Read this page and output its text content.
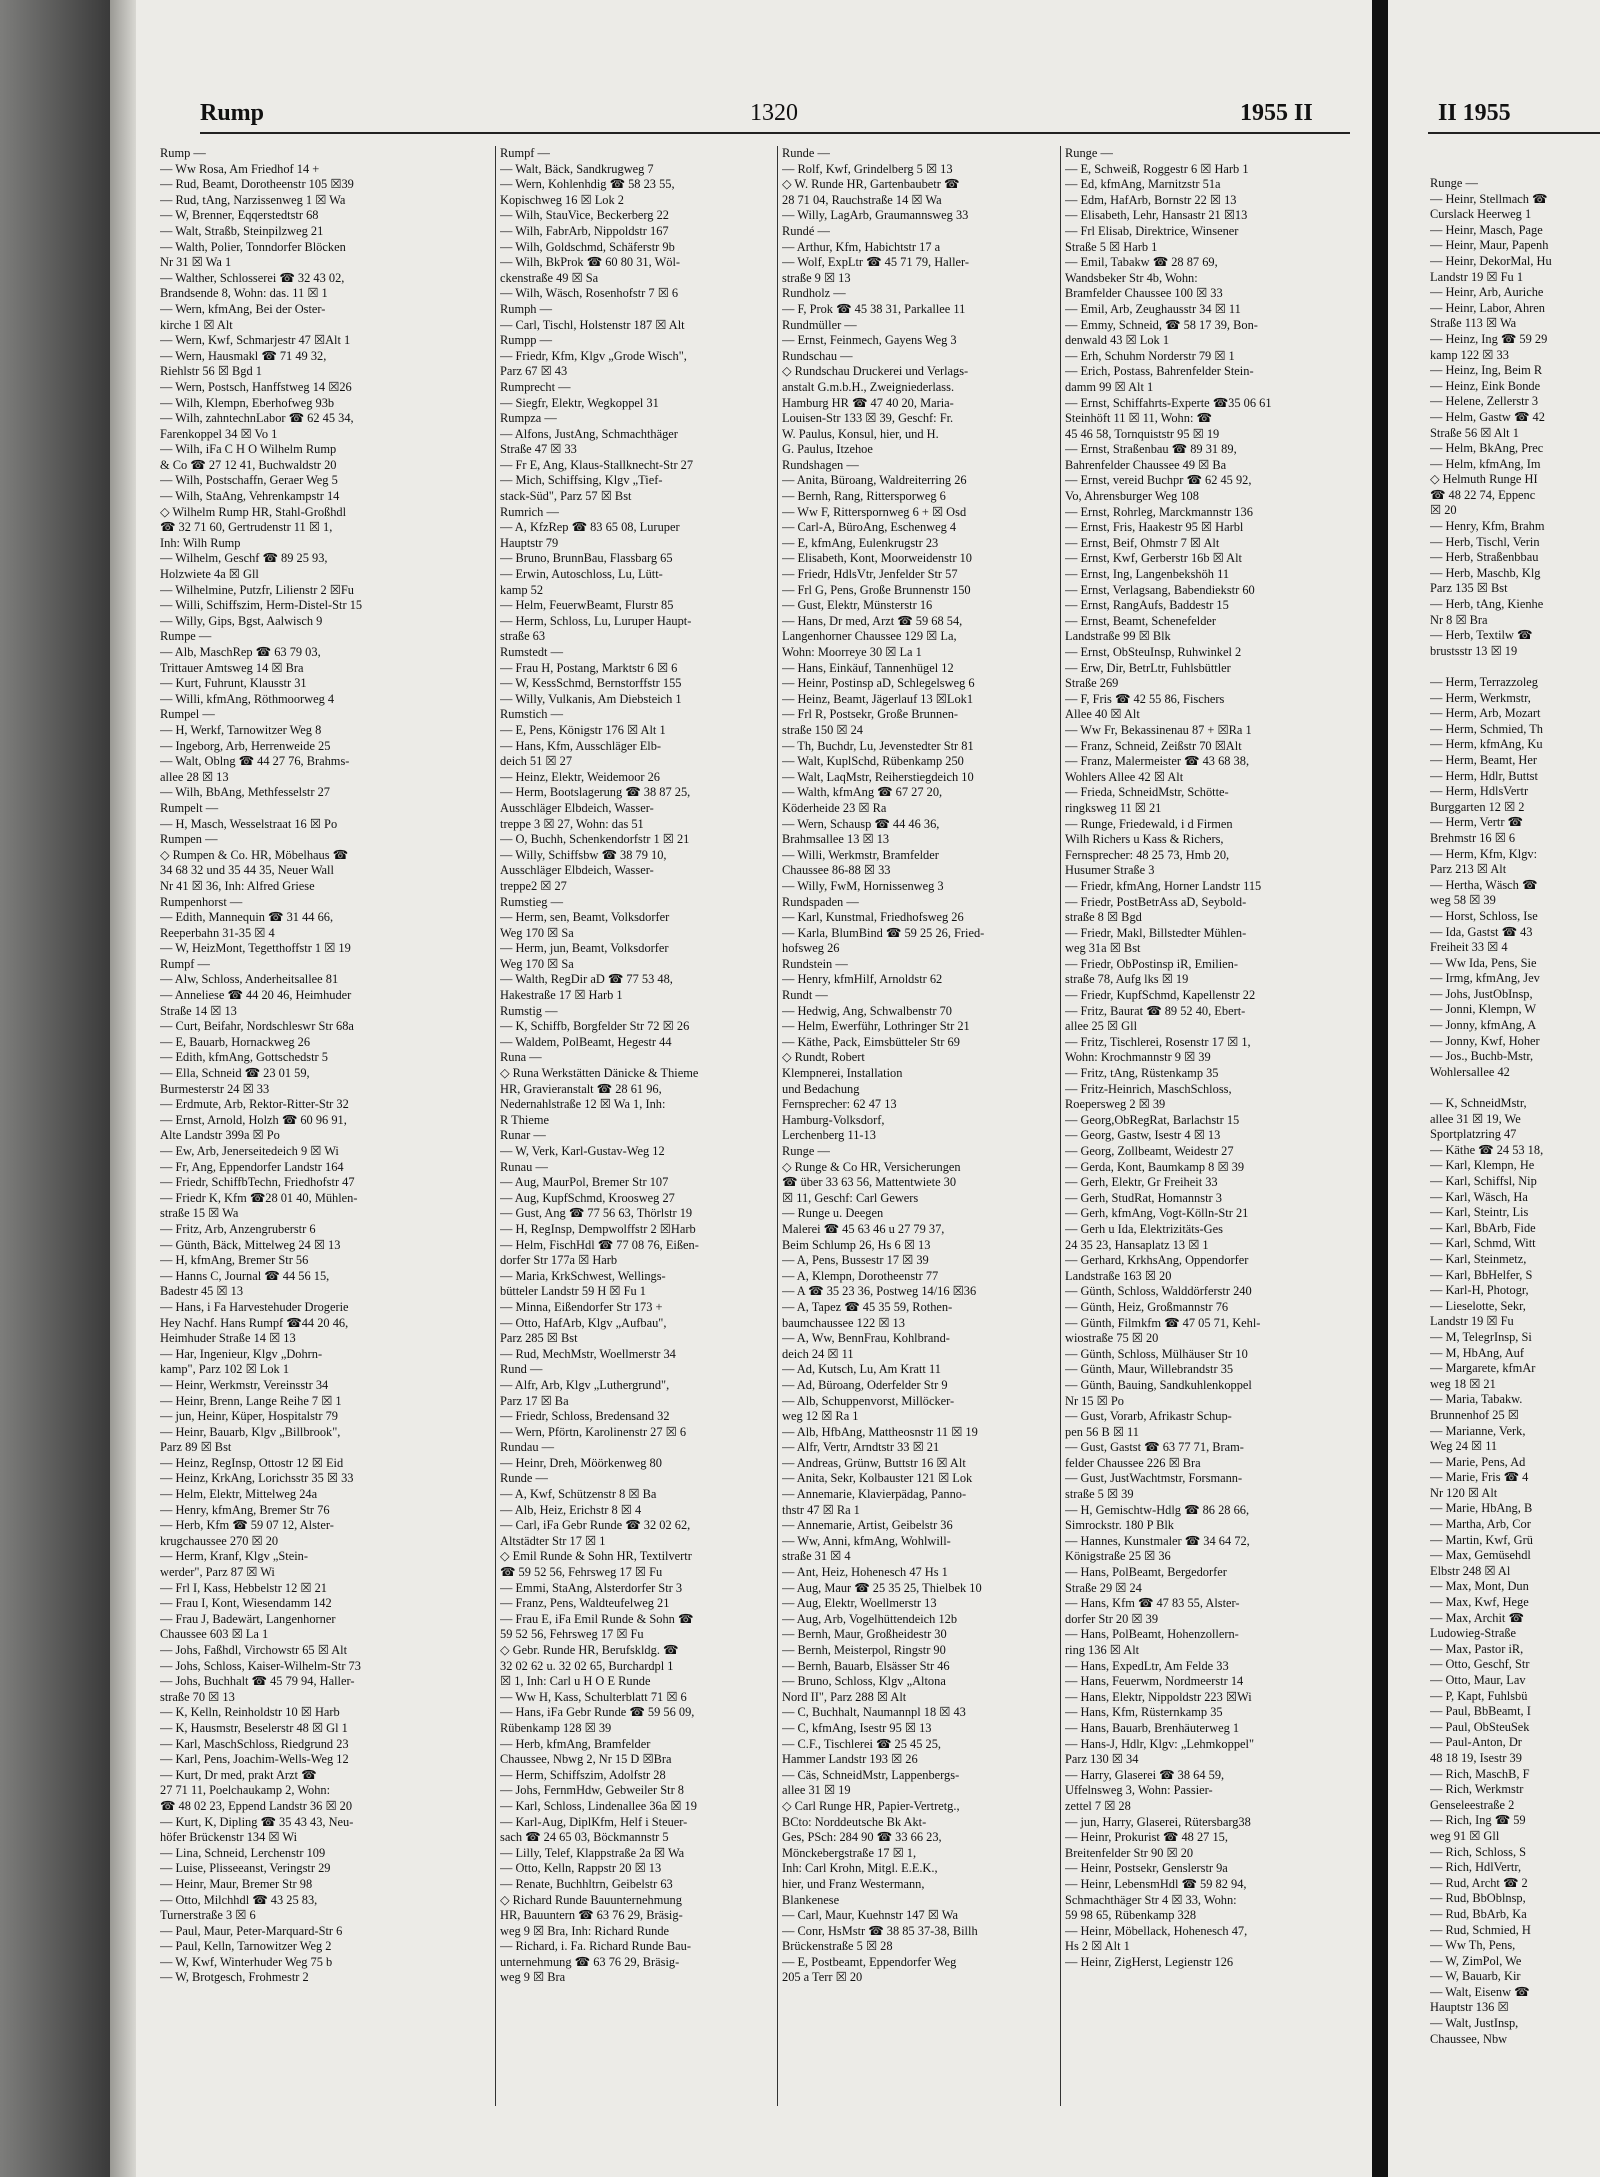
Rump	1320	1955 II
Rump —
— Ww Rosa, Am Friedhof 14 +
— Rud, Beamt, Dorotheenstr 105 ☒39
— Rud, tAng, Narzissenweg 1 ☒ Wa
— W, Brenner, Eqqerstedtstr 68
— Walt, Straßb, Steinpilzweg 21
— Walth, Polier, Tonndorfer Blöcken
Nr 31 ☒ Wa 1
— Walther, Schlosserei ☎ 32 43 02,
Brandsende 8, Wohn: das. 11 ☒ 1
— Wern, kfmAng, Bei der Oster-
kirche 1 ☒ Alt
— Wern, Kwf, Schmarjestr 47 ☒Alt 1
— Wern, Hausmakl ☎ 71 49 32,
Riehlstr 56 ☒ Bgd 1
— Wern, Postsch, Hanffstweg 14 ☒26
— Wilh, Klempn, Eberhofweg 93b
— Wilh, zahntechnLabor ☎ 62 45 34,
Farenkoppel 34 ☒ Vo 1
— Wilh, iFa C H O Wilhelm Rump
& Co ☎ 27 12 41, Buchwaldstr 20
— Wilh, Postschaffn, Geraer Weg 5
— Wilh, StaAng, Vehrenkampstr 14
◇ Wilhelm Rump HR, Stahl-Großhdl
☎ 32 71 60, Gertrudenstr 11 ☒ 1,
Inh: Wilh Rump
— Wilhelm, Geschf ☎ 89 25 93,
Holzwiete 4a ☒ Gll
— Wilhelmine, Putzfr, Lilienstr 2 ☒Fu
— Willi, Schiffszim, Herm-Distel-Str 15
— Willy, Gips, Bgst, Aalwisch 9
Rumpe —
— Alb, MaschRep ☎ 63 79 03,
Trittauer Amtsweg 14 ☒ Bra
— Kurt, Fuhrunt, Klausstr 31
— Willi, kfmAng, Röthmoorweg 4
Rumpel —
— H, Werkf, Tarnowitzer Weg 8
— Ingeborg, Arb, Herrenweide 25
— Walt, Oblng ☎ 44 27 76, Brahms-
allee 28 ☒ 13
— Wilh, BbAng, Methfesselstr 27
Rumpelt —
— H, Masch, Wesselstraat 16 ☒ Po
Rumpen —
◇ Rumpen & Co. HR, Möbelhaus ☎
34 68 32 und 35 44 35, Neuer Wall
Nr 41 ☒ 36, Inh: Alfred Griese
Rumpenhorst —
— Edith, Mannequin ☎ 31 44 66,
Reeperbahn 31-35 ☒ 4
— W, HeizMont, Tegetthoffstr 1 ☒ 19
Rumpf —
— Alw, Schloss, Anderheitsallee 81
— Anneliese ☎ 44 20 46, Heimhuder
Straße 14 ☒ 13
— Curt, Beifahr, Nordschleswr Str 68a
— E, Bauarb, Hornackweg 26
— Edith, kfmAng, Gottschedstr 5
— Ella, Schneid ☎ 23 01 59,
Burmesterstr 24 ☒ 33
— Erdmute, Arb, Rektor-Ritter-Str 32
— Ernst, Arnold, Holzh ☎ 60 96 91,
Alte Landstr 399a ☒ Po
— Ew, Arb, Jenerseitedeich 9 ☒ Wi
— Fr, Ang, Eppendorfer Landstr 164
— Friedr, SchiffbTechn, Friedhofstr 47
— Friedr K, Kfm ☎28 01 40, Mühlen-
straße 15 ☒ Wa
— Fritz, Arb, Anzengruberstr 6
— Günth, Bäck, Mittelweg 24 ☒ 13
— H, kfmAng, Bremer Str 56
— Hanns C, Journal ☎ 44 56 15,
Badestr 45 ☒ 13
— Hans, i Fa Harvestehuder Drogerie
Hey Nachf. Hans Rumpf ☎44 20 46,
Heimhuder Straße 14 ☒ 13
— Har, Ingenieur, Klgv „Dohrn-
kamp", Parz 102 ☒ Lok 1
— Heinr, Werkmstr, Vereinsstr 34
— Heinr, Brenn, Lange Reihe 7 ☒ 1
— jun, Heinr, Küper, Hospitalstr 79
— Heinr, Bauarb, Klgv „Billbrook",
Parz 89 ☒ Bst
— Heinz, RegInsp, Ottostr 12 ☒ Eid
— Heinz, KrkAng, Lorichsstr 35 ☒ 33
— Helm, Elektr, Mittelweg 24a
— Henry, kfmAng, Bremer Str 76
— Herb, Kfm ☎ 59 07 12, Alster-
krugchaussee 270 ☒ 20
— Herm, Kranf, Klgv „Stein-
werder", Parz 87 ☒ Wi
— Frl I, Kass, Hebbelstr 12 ☒ 21
— Frau I, Kont, Wiesendamm 142
— Frau J, Badewärt, Langenhorner
Chaussee 603 ☒ La 1
— Johs, Faßhdl, Virchowstr 65 ☒ Alt
— Johs, Schloss, Kaiser-Wilhelm-Str 73
— Johs, Buchhalt ☎ 45 79 94, Haller-
straße 70 ☒ 13
— K, Kelln, Reinholdstr 10 ☒ Harb
— K, Hausmstr, Beselerstr 48 ☒ Gl 1
— Karl, MaschSchloss, Riedgrund 23
— Karl, Pens, Joachim-Wells-Weg 12
— Kurt, Dr med, prakt Arzt ☎
27 71 11, Poelchaukamp 2, Wohn:
☎ 48 02 23, Eppend Landstr 36 ☒ 20
— Kurt, K, Dipling ☎ 35 43 43, Neu-
höfer Brückenstr 134 ☒ Wi
— Lina, Schneid, Lerchenstr 109
— Luise, Plisseeanst, Veringstr 29
— Heinr, Maur, Bremer Str 98
— Otto, Milchhdl ☎ 43 25 83,
Turnerstraße 3 ☒ 6
— Paul, Maur, Peter-Marquard-Str 6
— Paul, Kelln, Tarnowitzer Weg 2
— W, Kwf, Winterhuder Weg 75 b
— W, Brotgesch, Frohmestr 2
Rumpf —
— Walt, Bäck, Sandkrugweg 7
— Wern, Kohlenhdig ☎ 58 23 55,
Kopischweg 16 ☒ Lok 2
— Wilh, StauVice, Beckerberg 22
— Wilh, FabrArb, Nippoldstr 167
— Wilh, Goldschmd, Schäferstr 9b
— Wilh, BkProk ☎ 60 80 31, Wöl-
ckenstraße 49 ☒ Sa
— Wilh, Wäsch, Rosenhofstr 7 ☒ 6
Rumph —
— Carl, Tischl, Holstenstr 187 ☒ Alt
Rumpp —
— Friedr, Kfm, Klgv „Grode Wisch",
Parz 67 ☒ 43
Rumprecht —
— Siegfr, Elektr, Wegkoppel 31
Rumpza —
— Alfons, JustAng, Schmachthäger
Straße 47 ☒ 33
— Fr E, Ang, Klaus-Stallknecht-Str 27
— Mich, Schiffsing, Klgv „Tief-
stack-Süd", Parz 57 ☒ Bst
Rumrich —
— A, KfzRep ☎ 83 65 08, Luruper
Hauptstr 79
— Bruno, BrunnBau, Flassbarg 65
— Erwin, Autoschloss, Lu, Lütt-
kamp 52
— Helm, FeuerwBeamt, Flurstr 85
— Herm, Schloss, Lu, Luruper Haupt-
straße 63
Rumstedt —
— Frau H, Postang, Marktstr 6 ☒ 6
— W, KessSchmd, Bernstorffstr 155
— Willy, Vulkanis, Am Diebsteich 1
Rumstich —
— E, Pens, Königstr 176 ☒ Alt 1
— Hans, Kfm, Ausschläger Elb-
deich 51 ☒ 27
— Heinz, Elektr, Weidemoor 26
— Herm, Bootslagerung ☎ 38 87 25,
Ausschläger Elbdeich, Wasser-
treppe 3 ☒ 27, Wohn: das 51
— O, Buchh, Schenkendorfstr 1 ☒ 21
— Willy, Schiffsbw ☎ 38 79 10,
Ausschläger Elbdeich, Wasser-
treppe2 ☒ 27
Rumstieg —
— Herm, sen, Beamt, Volksdorfer
Weg 170 ☒ Sa
— Herm, jun, Beamt, Volksdorfer
Weg 170 ☒ Sa
— Walth, RegDir aD ☎ 77 53 48,
Hakestraße 17 ☒ Harb 1
Rumstig —
— K, Schiffb, Borgfelder Str 72 ☒ 26
— Waldem, PolBeamt, Hegestr 44
Runa —
◇ Runa Werkstätten Dänicke & Thieme
HR, Gravieranstalt ☎ 28 61 96,
Nedernahlstraße 12 ☒ Wa 1, Inh:
R Thieme
Runar —
— W, Verk, Karl-Gustav-Weg 12
Runau —
— Aug, MaurPol, Bremer Str 107
— Aug, KupfSchmd, Kroosweg 27
— Gust, Ang ☎ 77 56 63, Thörlstr 19
— H, RegInsp, Dempwolffstr 2 ☒Harb
— Helm, FischHdl ☎ 77 08 76, Eißen-
dorfer Str 177a ☒ Harb
— Maria, KrkSchwest, Wellings-
bütteler Landstr 59 H ☒ Fu 1
— Minna, Eißendorfer Str 173 +
— Otto, HafArb, Klgv „Aufbau",
Parz 285 ☒ Bst
— Rud, MechMstr, Woellmerstr 34
Rund —
— Alfr, Arb, Klgv „Luthergrund",
Parz 17 ☒ Ba
— Friedr, Schloss, Bredensand 32
— Wern, Pförtn, Karolinenstr 27 ☒ 6
Rundau —
— Heinr, Dreh, Möörkenweg 80
Runde —
— A, Kwf, Schützenstr 8 ☒ Ba
— Alb, Heiz, Erichstr 8 ☒ 4
— Carl, iFa Gebr Runde ☎ 32 02 62,
Altstädter Str 17 ☒ 1
◇ Emil Runde & Sohn HR, Textilvertr
☎ 59 52 56, Fehrsweg 17 ☒ Fu
— Emmi, StaAng, Alsterdorfer Str 3
— Franz, Pens, Waldteufelweg 21
— Frau E, iFa Emil Runde & Sohn ☎
59 52 56, Fehrsweg 17 ☒ Fu
◇ Gebr. Runde HR, Berufskldg. ☎
32 02 62 u. 32 02 65, Burchardpl 1
☒ 1, Inh: Carl u H O E Runde
— Ww H, Kass, Schulterblatt 71 ☒ 6
— Hans, iFa Gebr Runde ☎ 59 56 09,
Rübenkamp 128 ☒ 39
— Herb, kfmAng, Bramfelder
Chaussee, Nbwg 2, Nr 15 D ☒Bra
— Herm, Schiffszim, Adolfstr 28
— Johs, FernmHdw, Gebweiler Str 8
— Karl, Schloss, Lindenallee 36a ☒ 19
— Karl-Aug, DiplKfm, Helf i Steuer-
sach ☎ 24 65 03, Böckmannstr 5
— Lilly, Telef, Klappstraße 2a ☒ Wa
— Otto, Kelln, Rappstr 20 ☒ 13
— Renate, Buchhltrn, Geibelstr 63
◇ Richard Runde Bauunternehmung
HR, Bauuntern ☎ 63 76 29, Bräsig-
weg 9 ☒ Bra, Inh: Richard Runde
— Richard, i. Fa. Richard Runde Bau-
unternehmung ☎ 63 76 29, Bräsig-
weg 9 ☒ Bra
Runde —
— Rolf, Kwf, Grindelberg 5 ☒ 13
◇ W. Runde HR, Gartenbaubetr ☎
28 71 04, Rauchstraße 14 ☒ Wa
— Willy, LagArb, Graumannsweg 33
Rundé —
— Arthur, Kfm, Habichtstr 17 a
— Wolf, ExpLtr ☎ 45 71 79, Haller-
straße 9 ☒ 13
Rundholz —
— F, Prok ☎ 45 38 31, Parkallee 11
Rundmüller —
— Ernst, Feinmech, Gayens Weg 3
Rundschau —
◇ Rundschau Druckerei und Verlags-
anstalt G.m.b.H., Zweigniederlass.
Hamburg HR ☎ 47 40 20, Maria-
Louisen-Str 133 ☒ 39, Geschf: Fr.
W. Paulus, Konsul, hier, und H.
G. Paulus, Itzehoe
Rundshagen —
— Anita, Büroang, Waldreiterring 26
— Bernh, Rang, Rittersporweg 6
— Ww F, Ritterspornweg 6 + ☒ Osd
— Carl-A, BüroAng, Eschenweg 4
— E, kfmAng, Eulenkrugstr 23
— Elisabeth, Kont, Moorweidenstr 10
— Friedr, HdlsVtr, Jenfelder Str 57
— Frl G, Pens, Große Brunnenstr 150
— Gust, Elektr, Münsterstr 16
— Hans, Dr med, Arzt ☎ 59 68 54,
Langenhorner Chaussee 129 ☒ La,
Wohn: Moorreye 30 ☒ La 1
— Hans, Einkäuf, Tannenhügel 12
— Heinr, Postinsp aD, Schlegelsweg 6
— Heinz, Beamt, Jägerlauf 13 ☒Lok1
— Frl R, Postsekr, Große Brunnen-
straße 150 ☒ 24
— Th, Buchdr, Lu, Jevenstedter Str 81
— Walt, KuplSchd, Rübenkamp 250
— Walt, LaqMstr, Reiherstiegdeich 10
— Walth, kfmAng ☎ 67 27 20,
Köderheide 23 ☒ Ra
— Wern, Schausp ☎ 44 46 36,
Brahmsallee 13 ☒ 13
— Willi, Werkmstr, Bramfelder
Chaussee 86-88 ☒ 33
— Willy, FwM, Hornissenweg 3
Rundspaden —
— Karl, Kunstmal, Friedhofsweg 26
— Karla, BlumBind ☎ 59 25 26, Fried-
hofsweg 26
Rundstein —
— Henry, kfmHilf, Arnoldstr 62
Rundt —
— Hedwig, Ang, Schwalbenstr 70
— Helm, Ewerführ, Lothringer Str 21
— Käthe, Pack, Eimsbütteler Str 69
◇ Rundt, Robert
Klempnerei, Installation
und Bedachung
Fernsprecher: 62 47 13
Hamburg-Volksdorf,
Lerchenberg 11-13
Runge —
◇ Runge & Co HR, Versicherungen
☎ über 33 63 56, Mattentwiete 30
☒ 11, Geschf: Carl Gewers
— Runge u. Deegen
Malerei ☎ 45 63 46 u 27 79 37,
Beim Schlump 26, Hs 6 ☒ 13
— A, Pens, Bussestr 17 ☒ 39
— A, Klempn, Dorotheenstr 77
— A ☎ 35 23 36, Postweg 14/16 ☒36
— A, Tapez ☎ 45 35 59, Rothen-
baumchaussee 122 ☒ 13
— A, Ww, BennFrau, Kohlbrand-
deich 24 ☒ 11
— Ad, Kutsch, Lu, Am Kratt 11
— Ad, Büroang, Oderfelder Str 9
— Alb, Schuppenvorst, Millöcker-
weg 12 ☒ Ra 1
— Alb, HfbAng, Mattheosnstr 11 ☒ 19
— Alfr, Vertr, Arndtstr 33 ☒ 21
— Andreas, Grünw, Buttstr 16 ☒ Alt
— Anita, Sekr, Kolbauster 121 ☒ Lok
— Annemarie, Klavierpädag, Panno-
thstr 47 ☒ Ra 1
— Annemarie, Artist, Geibelstr 36
— Ww, Anni, kfmAng, Wohlwill-
straße 31 ☒ 4
— Ant, Heiz, Hohenesch 47 Hs 1
— Aug, Maur ☎ 25 35 25, Thielbek 10
— Aug, Elektr, Woellmerstr 13
— Aug, Arb, Vogelhüttendeich 12b
— Bernh, Maur, Großheidestr 30
— Bernh, Meisterpol, Ringstr 90
— Bernh, Bauarb, Elsässer Str 46
— Bruno, Schloss, Klgv „Altona
Nord II", Parz 288 ☒ Alt
— C, Buchhalt, Naumannpl 18 ☒ 43
— C, kfmAng, Isestr 95 ☒ 13
— C.F., Tischlerei ☎ 25 45 25,
Hammer Landstr 193 ☒ 26
— Cäs, SchneidMstr, Lappenbergs-
allee 31 ☒ 19
◇ Carl Runge HR, Papier-Vertretg.,
BCto: Norddeutsche Bk Akt-
Ges, PSch: 284 90 ☎ 33 66 23,
Mönckebergstraße 17 ☒ 1,
Inh: Carl Krohn, Mitgl. E.E.K.,
hier, und Franz Westermann,
Blankenese
— Carl, Maur, Kuehnstr 147 ☒ Wa
— Conr, HsMstr ☎ 38 85 37-38, Billh
Brückenstraße 5 ☒ 28
— E, Postbeamt, Eppendorfer Weg
205 a Terr ☒ 20
Runge —
— E, Schweiß, Roggestr 6 ☒ Harb 1
— Ed, kfmAng, Marnitzstr 51a
— Edm, HafArb, Bornstr 22 ☒ 13
— Elisabeth, Lehr, Hansastr 21 ☒13
— Frl Elisab, Direktrice, Winsener
Straße 5 ☒ Harb 1
— Emil, Tabakw ☎ 28 87 69,
Wandsbeker Str 4b, Wohn:
Bramfelder Chaussee 100 ☒ 33
— Emil, Arb, Zeughausstr 34 ☒ 11
— Emmy, Schneid, ☎ 58 17 39, Bon-
denwald 43 ☒ Lok 1
— Erh, Schuhm Norderstr 79 ☒ 1
— Erich, Postass, Bahrenfelder Stein-
damm 99 ☒ Alt 1
— Ernst, Schiffahrts-Experte ☎35 06 61
Steinhöft 11 ☒ 11, Wohn: ☎
45 46 58, Tornquiststr 95 ☒ 19
— Ernst, Straßenbau ☎ 89 31 89,
Bahrenfelder Chaussee 49 ☒ Ba
— Ernst, vereid Buchpr ☎ 62 45 92,
Vo, Ahrensburger Weg 108
— Ernst, Rohrleg, Marckmannstr 136
— Ernst, Fris, Haakestr 95 ☒ Harbl
— Ernst, Beif, Ohmstr 7 ☒ Alt
— Ernst, Kwf, Gerberstr 16b ☒ Alt
— Ernst, Ing, Langenbekshöh 11
— Ernst, Verlagsang, Babendiekstr 60
— Ernst, RangAufs, Baddestr 15
— Ernst, Beamt, Schenefelder
Landstraße 99 ☒ Blk
— Ernst, ObSteuInsp, Ruhwinkel 2
— Erw, Dir, BetrLtr, Fuhlsbüttler
Straße 269
— F, Fris ☎ 42 55 86, Fischers
Allee 40 ☒ Alt
— Ww Fr, Bekassinenau 87 + ☒Ra 1
— Franz, Schneid, Zeißstr 70 ☒Alt
— Franz, Malermeister ☎ 43 68 38,
Wohlers Allee 42 ☒ Alt
— Frieda, SchneidMstr, Schötte-
ringksweg 11 ☒ 21
— Runge, Friedewald, i d Firmen
Wilh Richers u Kass & Richers,
Fernsprecher: 48 25 73, Hmb 20,
Husumer Straße 3
— Friedr, kfmAng, Horner Landstr 115
— Friedr, PostBetrAss aD, Seybold-
straße 8 ☒ Bgd
— Friedr, Makl, Billstedter Mühlen-
weg 31a ☒ Bst
— Friedr, ObPostinsp iR, Emilien-
straße 78, Aufg lks ☒ 19
— Friedr, KupfSchmd, Kapellenstr 22
— Fritz, Baurat ☎ 89 52 40, Ebert-
allee 25 ☒ Gll
— Fritz, Tischlerei, Rosenstr 17 ☒ 1,
Wohn: Krochmannstr 9 ☒ 39
— Fritz, tAng, Rüstenkamp 35
— Fritz-Heinrich, MaschSchloss,
Roepersweg 2 ☒ 39
— Georg,ObRegRat, Barlachstr 15
— Georg, Gastw, Isestr 4 ☒ 13
— Georg, Zollbeamt, Weidestr 27
— Gerda, Kont, Baumkamp 8 ☒ 39
— Gerh, Elektr, Gr Freiheit 33
— Gerh, StudRat, Homannstr 3
— Gerh, kfmAng, Vogt-Kölln-Str 21
— Gerh u Ida, Elektrizitäts-Ges
24 35 23, Hansaplatz 13 ☒ 1
— Gerhard, KrkhsAng, Oppendorfer
Landstraße 163 ☒ 20
— Günth, Schloss, Walddörferstr 240
— Günth, Heiz, Großmannstr 76
— Günth, Filmkfm ☎ 47 05 71, Kehl-
wiostraße 75 ☒ 20
— Günth, Schloss, Mülhäuser Str 10
— Günth, Maur, Willebrandstr 35
— Günth, Bauing, Sandkuhlenkoppel
Nr 15 ☒ Po
— Gust, Vorarb, Afrikastr Schup-
pen 56 B ☒ 11
— Gust, Gastst ☎ 63 77 71, Bram-
felder Chaussee 226 ☒ Bra
— Gust, JustWachtmstr, Forsmann-
straße 5 ☒ 39
— H, Gemischtw-Hdlg ☎ 86 28 66,
Simrockstr. 180 P Blk
— Hannes, Kunstmaler ☎ 34 64 72,
Königstraße 25 ☒ 36
— Hans, PolBeamt, Bergedorfer
Straße 29 ☒ 24
— Hans, Kfm ☎ 47 83 55, Alster-
dorfer Str 20 ☒ 39
— Hans, PolBeamt, Hohenzollern-
ring 136 ☒ Alt
— Hans, ExpedLtr, Am Felde 33
— Hans, Feuerwm, Nordmeerstr 14
— Hans, Elektr, Nippoldstr 223 ☒Wi
— Hans, Kfm, Rüsternkamp 35
— Hans, Bauarb, Brenhäuterweg 1
— Hans-J, Hdlr, Klgv: „Lehmkoppel"
Parz 130 ☒ 34
— Harry, Glaserei ☎ 38 64 59,
Uffelnsweg 3, Wohn: Passier-
zettel 7 ☒ 28
— jun, Harry, Glaserei, Rütersbarg38
— Heinr, Prokurist ☎ 48 27 15,
Breitenfelder Str 90 ☒ 20
— Heinr, Postsekr, Genslerstr 9a
— Heinr, LebensmHdl ☎ 59 82 94,
Schmachthäger Str 4 ☒ 33, Wohn:
59 98 65, Rübenkamp 328
— Heinr, Möbellack, Hohenesch 47,
Hs 2 ☒ Alt 1
— Heinr, ZigHerst, Legienstr 126
II 1955
Runge —
— Heinr, Stellmach ☎
Curslack Heerweg 1
— Heinr, Masch, Page
— Heinr, Maur, Papenh
— Heinr, DekorMal, Hu
Landstr 19 ☒ Fu 1
— Heinr, Arb, Auriche
— Heinr, Labor, Ahren
Straße 113 ☒ Wa
— Heinz, Ing ☎ 59 29
kamp 122 ☒ 33
— Heinz, Ing, Beim R
— Heinz, Eink Bonde
— Helene, Zellerstr 3
— Helm, Gastw ☎ 42
Straße 56 ☒ Alt 1
— Helm, BkAng, Prec
— Helm, kfmAng, Im
◇ Helmuth Runge HI
☎ 48 22 74, Eppenc
☒ 20
— Henry, Kfm, Brahm
— Herb, Tischl, Verin
— Herb, Straßenbbau
— Herb, Maschb, Klg
Parz 135 ☒ Bst
— Herb, tAng, Kienhe
Nr 8 ☒ Bra
— Herb, Textilw ☎
brustsstr 13 ☒ 19

— Herm, Terrazzoleg
— Herm, Werkmstr,
— Herm, Arb, Mozart
— Herm, Schmied, Th
— Herm, kfmAng, Ku
— Herm, Beamt, Her
— Herm, Hdlr, Buttst
— Herm, HdlsVertr
Burggarten 12 ☒ 2
— Herm, Vertr ☎
Brehmstr 16 ☒ 6
— Herm, Kfm, Klgv:
Parz 213 ☒ Alt
— Hertha, Wäsch ☎
weg 58 ☒ 39
— Horst, Schloss, Ise
— Ida, Gastst ☎ 43
Freiheit 33 ☒ 4
— Ww Ida, Pens, Sie
— Irmg, kfmAng, Jev
— Johs, JustObInsp,
— Jonni, Klempn, W
— Jonny, kfmAng, A
— Jonny, Kwf, Hoher
— Jos., Buchb-Mstr,
Wohlersallee 42

— K, SchneidMstr,
allee 31 ☒ 19, We
Sportplatzring 47
— Käthe ☎ 24 53 18,
— Karl, Klempn, He
— Karl, Schiffsl, Nip
— Karl, Wäsch, Ha
— Karl, Steintr, Lis
— Karl, BbArb, Fide
— Karl, Schmd, Witt
— Karl, Steinmetz,
— Karl, BbHelfer, S
— Karl-H, Photogr,
— Lieselotte, Sekr,
Landstr 19 ☒ Fu
— M, TelegrInsp, Si
— M, HbAng, Auf
— Margarete, kfmAr
weg 18 ☒ 21
— Maria, Tabakw.
Brunnenhof 25 ☒
— Marianne, Verk,
Weg 24 ☒ 11
— Marie, Pens, Ad
— Marie, Fris ☎ 4
Nr 120 ☒ Alt
— Marie, HbAng, B
— Martha, Arb, Cor
— Martin, Kwf, Grü
— Max, Gemüsehdl
Elbstr 248 ☒ Al
— Max, Mont, Dun
— Max, Kwf, Hege
— Max, Archit ☎
Ludowieg-Straße
— Max, Pastor iR,
— Otto, Geschf, Str
— Otto, Maur, Lav
— P, Kapt, Fuhlsbü
— Paul, BbBeamt, I
— Paul, ObSteuSek
— Paul-Anton, Dr
48 18 19, Isestr 39
— Rich, MaschB, F
— Rich, Werkmstr
Genseleestraße 2
— Rich, Ing ☎ 59
weg 91 ☒ Gll
— Rich, Schloss, S
— Rich, HdlVertr,
— Rud, Archt ☎ 2
— Rud, BbOblnsp,
— Rud, BbArb, Ka
— Rud, Schmied, H
— Ww Th, Pens,
— W, ZimPol, We
— W, Bauarb, Kir
— Walt, Eisenw ☎
Hauptstr 136 ☒
— Walt, JustInsp,
Chaussee, Nbw
